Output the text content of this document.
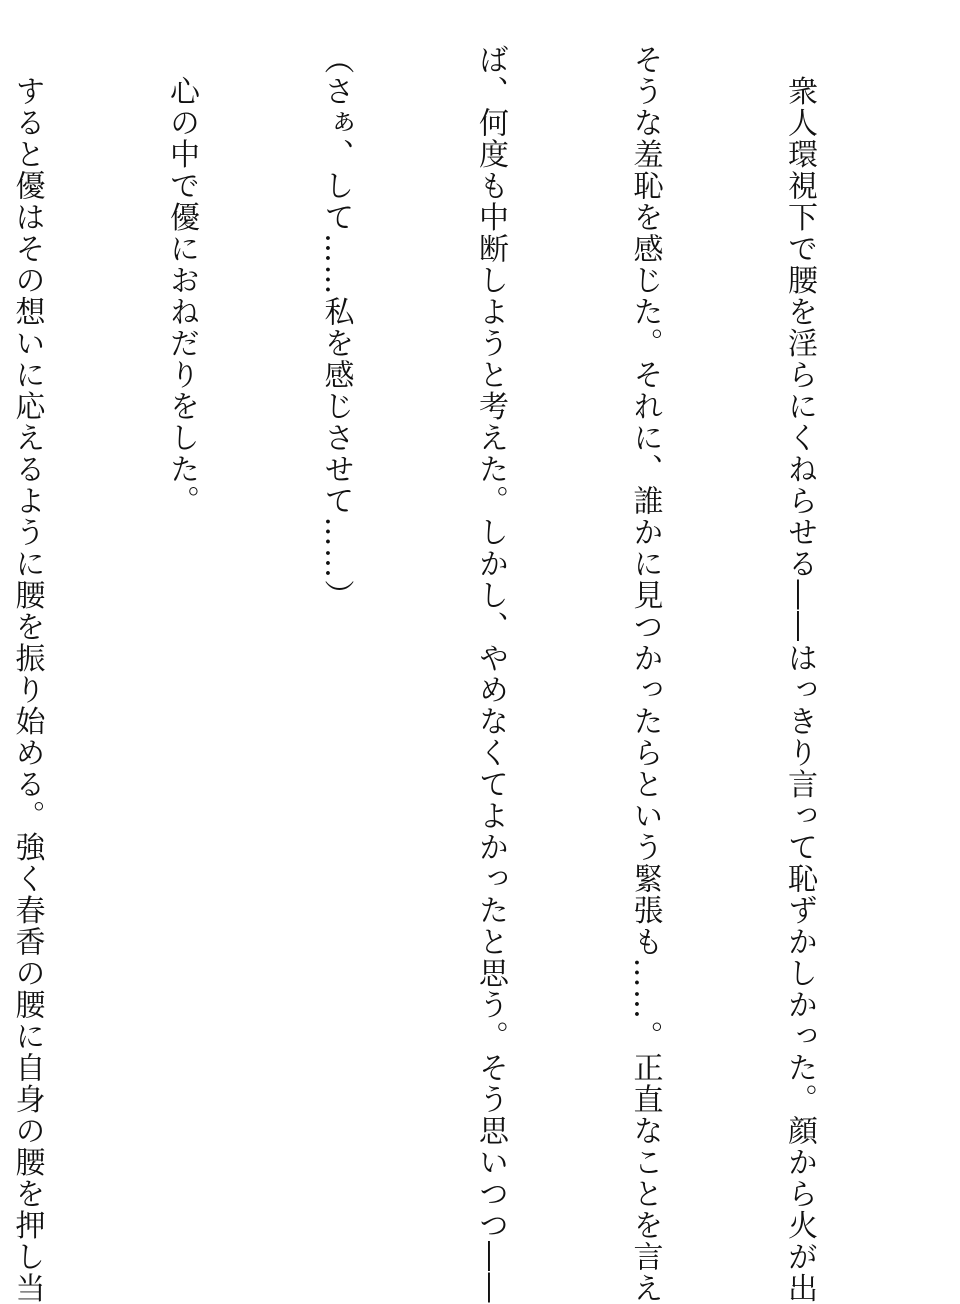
　衆人環視下で腰を淫らにくねらせる――はっきり言って恥ずかしかった。顔から火が出

そうな羞恥を感じた。それに、誰かに見つかったらという緊張も……。正直なことを言え

ば、何度も中断しようと考えた。しかし、やめなくてよかったと思う。そう思いつつ――

（さぁ、して……私を感じさせて……）

　心の中で優におねだりをした。

　すると優はその想いに応えるように腰を振り始める。強く春香の腰に自身の腰を押し当
